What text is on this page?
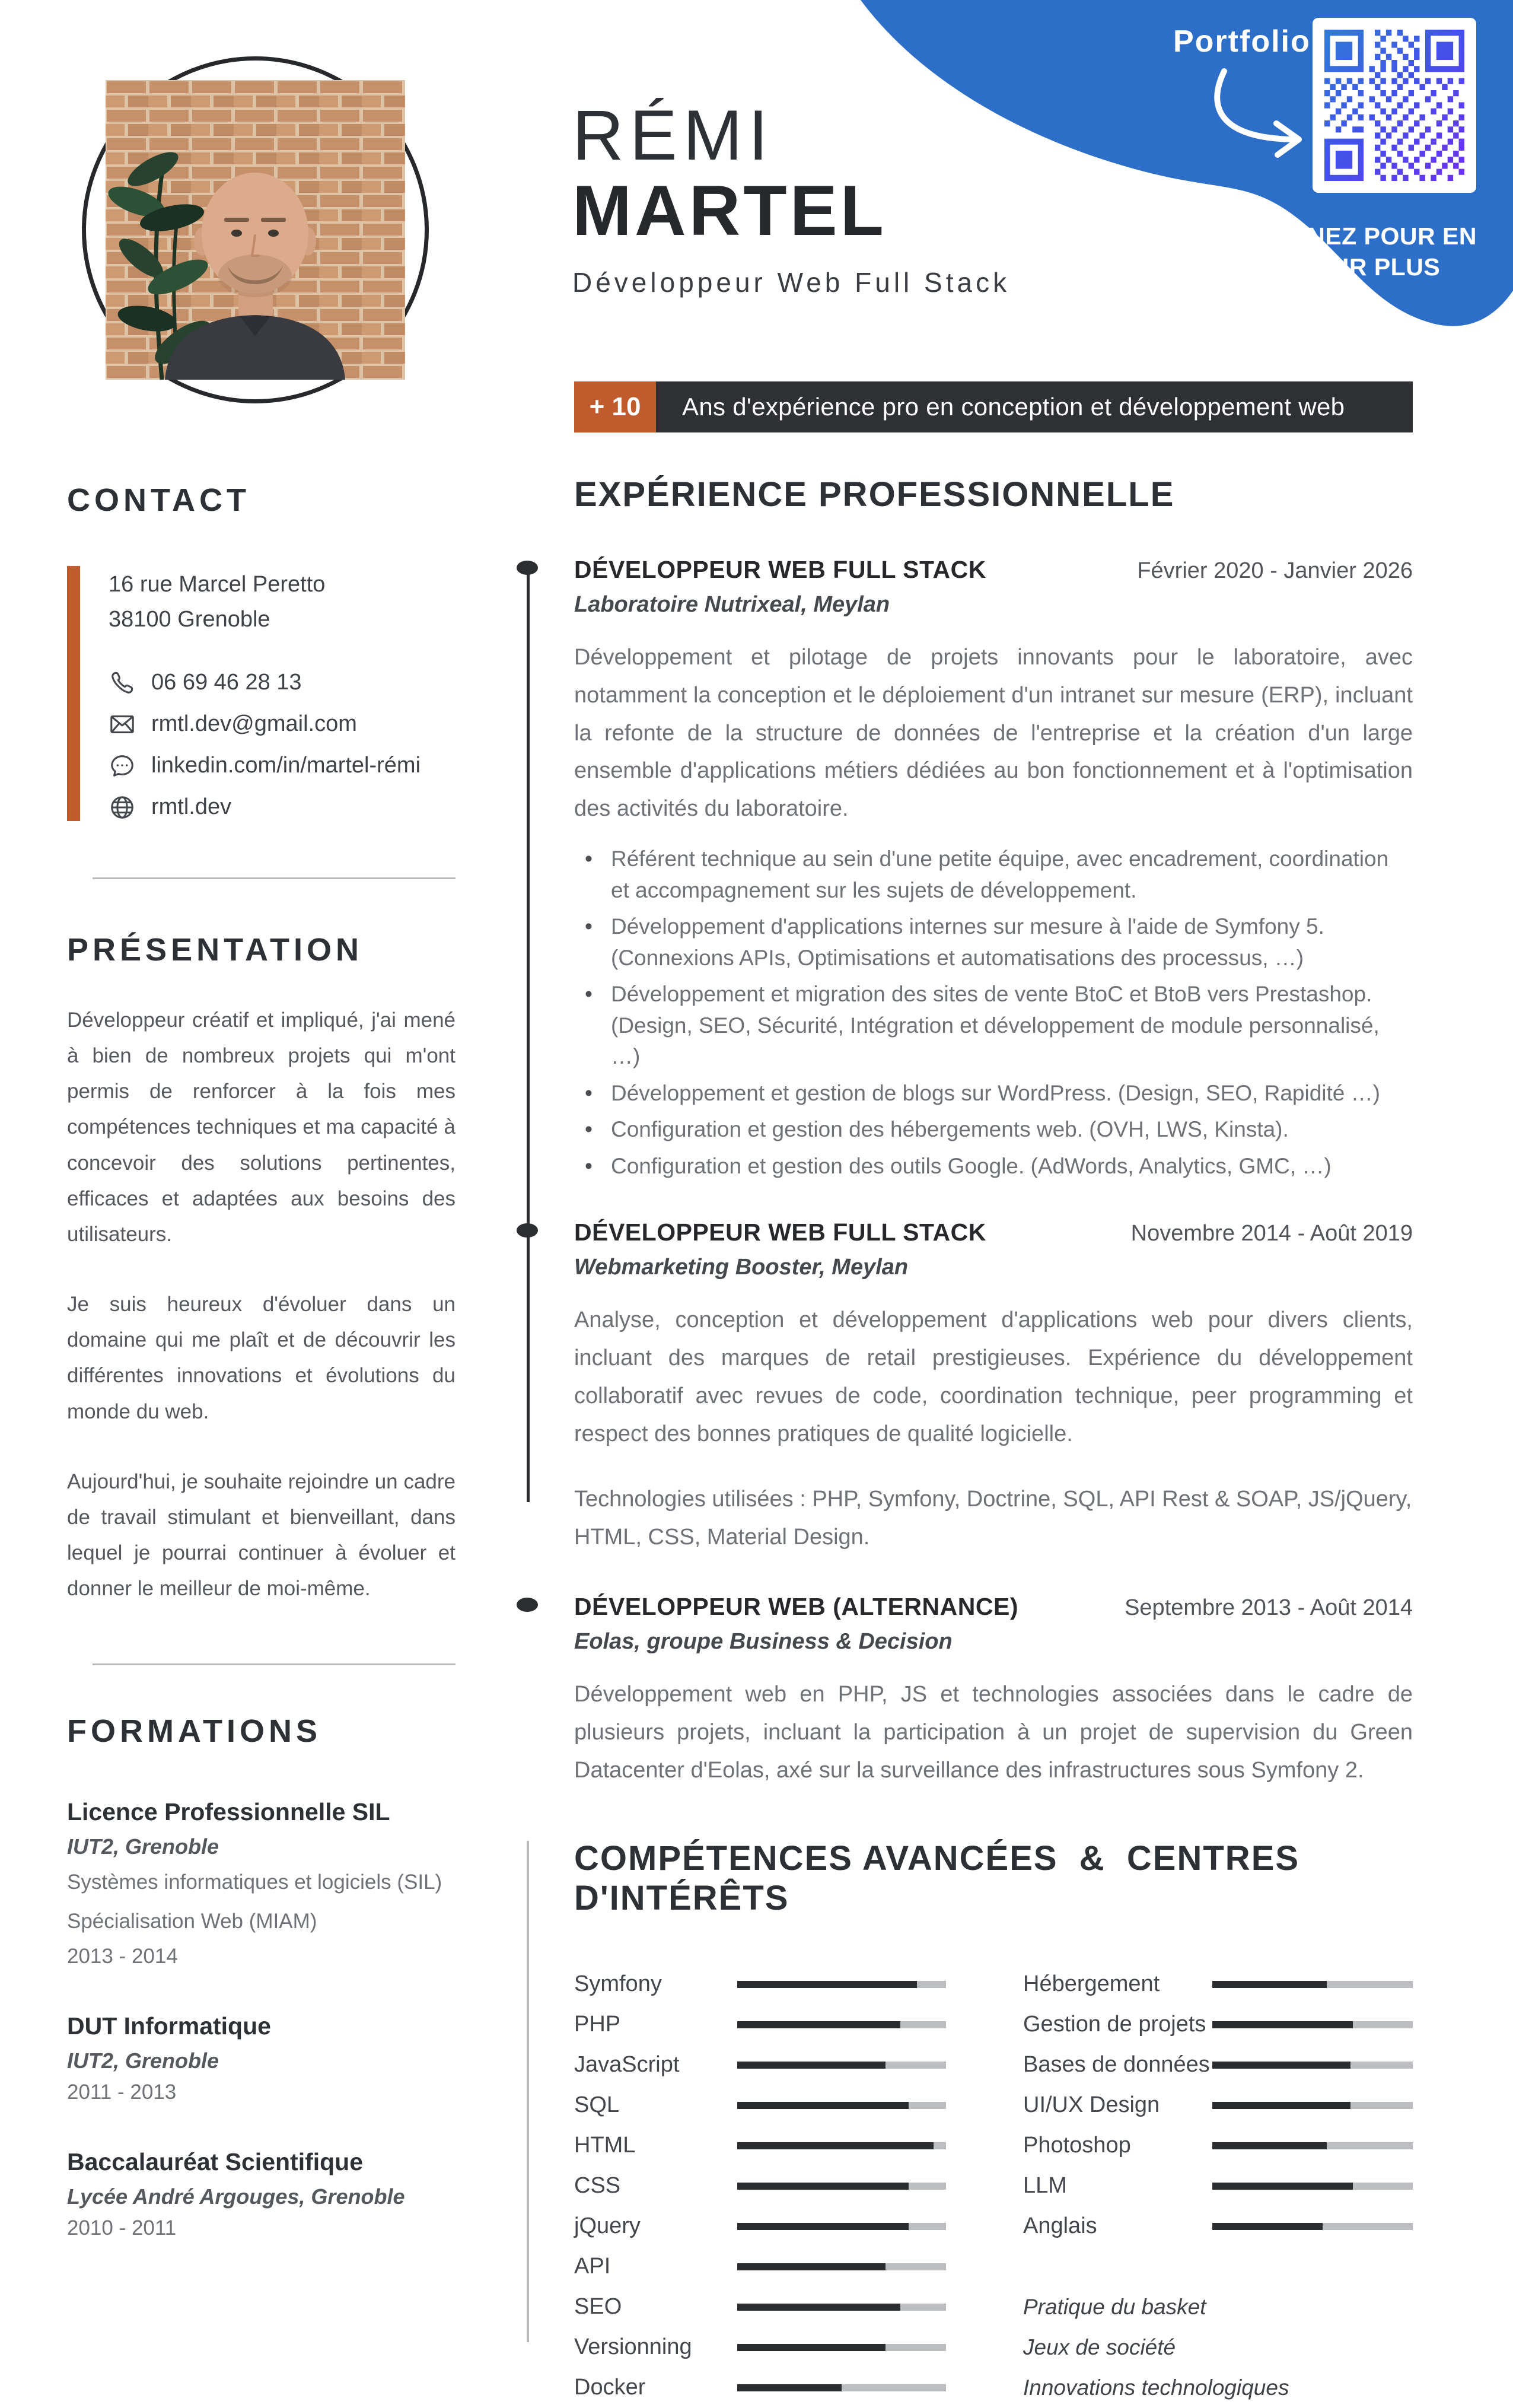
Portfolio
SCANNEZ POUR EN
SAVOIR PLUS
RÉMI
MARTEL
Développeur Web Full Stack
+ 10	Ans d'expérience pro en conception et développement web
CONTACT
16 rue Marcel Peretto
38100 Grenoble
06 69 46 28 13
rmtl.dev@gmail.com
linkedin.com/in/martel-rémi
rmtl.dev
PRÉSENTATION

Développeur créatif et impliqué, j'ai mené à bien de nombreux projets qui m'ont permis de renforcer à la fois mes compétences techniques et ma capacité à concevoir des solutions pertinentes, efficaces et adaptées aux besoins des utilisateurs.

Je suis heureux d'évoluer dans un domaine qui me plaît et de découvrir les différentes innovations et évolutions du monde du web.

Aujourd'hui, je souhaite rejoindre un cadre de travail stimulant et bienveillant, dans lequel je pourrai continuer à évoluer et donner le meilleur de moi-même.

FORMATIONS
Licence Professionnelle SIL
IUT2, Grenoble
Systèmes informatiques et logiciels (SIL)
Spécialisation Web (MIAM)
2013 - 2014
DUT Informatique
IUT2, Grenoble
2011 - 2013
Baccalauréat Scientifique
Lycée André Argouges, Grenoble
2010 - 2011
EXPÉRIENCE PROFESSIONNELLE
DÉVELOPPEUR WEB FULL STACK	Février 2020 - Janvier 2026
Laboratoire Nutrixeal, Meylan

Développement et pilotage de projets innovants pour le laboratoire, avec notamment la conception et le déploiement d'un intranet sur mesure (ERP), incluant la refonte de la structure de données de l'entreprise et la création d'un large ensemble d'applications métiers dédiées au bon fonctionnement et à l'optimisation des activités du laboratoire.

• Référent technique au sein d'une petite équipe, avec encadrement, coordination et accompagnement sur les sujets de développement.
• Développement d'applications internes sur mesure à l'aide de Symfony 5. (Connexions APIs, Optimisations et automatisations des processus, …)
• Développement et migration des sites de vente BtoC et BtoB vers Prestashop. (Design, SEO, Sécurité, Intégration et développement de module personnalisé, …)
• Développement et gestion de blogs sur WordPress. (Design, SEO, Rapidité …)
• Configuration et gestion des hébergements web. (OVH, LWS, Kinsta).
• Configuration et gestion des outils Google. (AdWords, Analytics, GMC, …)
DÉVELOPPEUR WEB FULL STACK	Novembre 2014 - Août 2019
Webmarketing Booster, Meylan

Analyse, conception et développement d'applications web pour divers clients, incluant des marques de retail prestigieuses. Expérience du développement collaboratif avec revues de code, coordination technique, peer programming et respect des bonnes pratiques de qualité logicielle.

Technologies utilisées : PHP, Symfony, Doctrine, SQL, API Rest & SOAP, JS/jQuery, HTML, CSS, Material Design.

DÉVELOPPEUR WEB (ALTERNANCE)	Septembre 2013 - Août 2014
Eolas, groupe Business & Decision

Développement web en PHP, JS et technologies associées dans le cadre de plusieurs projets, incluant la participation à un projet de supervision du Green Datacenter d'Eolas, axé sur la surveillance des infrastructures sous Symfony 2.

COMPÉTENCES AVANCÉES  &  CENTRES D'INTÉRÊTS
Symfony
PHP
JavaScript
SQL
HTML
CSS
jQuery
API
SEO
Versionning
Docker
Hébergement
Gestion de projets
Bases de données
UI/UX Design
Photoshop
LLM
Anglais
Pratique du basket
Jeux de société
Innovations technologiques
